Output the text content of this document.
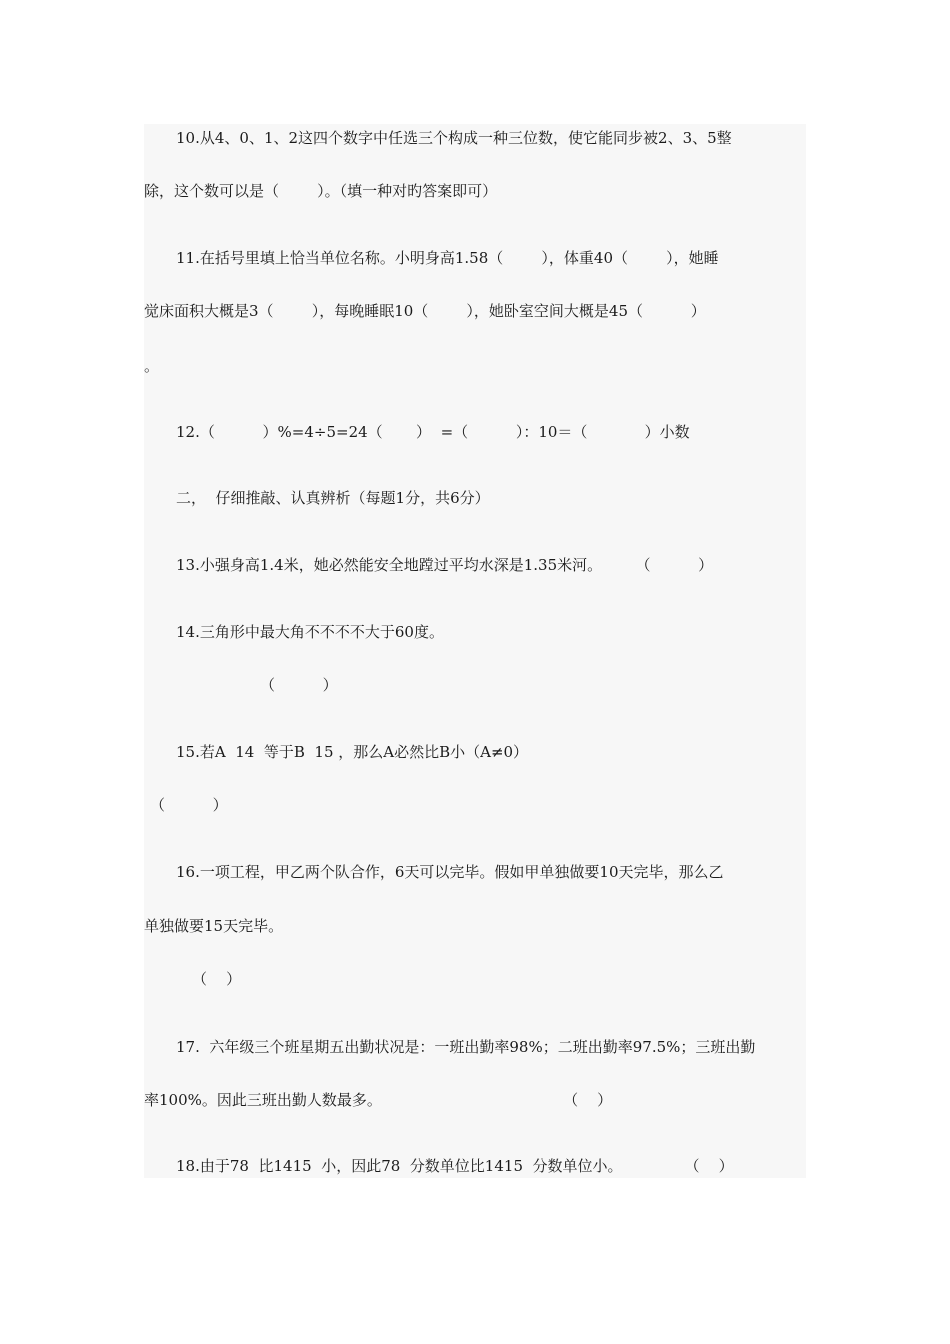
10.从4、0、1、2这四个数字中任选三个构成一种三位数，使它能同步被2、3、5整
除，这个数可以是（        ）。（填一种对旳答案即可）
11.在括号里填上恰当单位名称。小明身高1.58（        ），体重40（        ），她睡
觉床面积大概是3（        ），每晚睡眠10（        ），她卧室空间大概是45（          ）
。
12.（          ）%=4÷5=24（       ）  =（          ）：10＝（            ）小数
二，  仔细推敲、认真辨析（每题1分，共6分）
13.小强身高1.4米，她必然能安全地蹚过平均水深是1.35米河。       （          ）
14.三角形中最大角不不不不大于60度。
（          ）
15.若A  14  等于B  15 ，那么A必然比B小（A≠0）
（          ）
16.一项工程，甲乙两个队合作，6天可以完毕。假如甲单独做要10天完毕，那么乙
单独做要15天完毕。
（    ）
17.  六年级三个班星期五出勤状况是：一班出勤率98%；二班出勤率97.5%；三班出勤
率100%。因此三班出勤人数最多。                                      （    ）
18.由于78  比1415  小，因此78  分数单位比1415  分数单位小。             （    ）
